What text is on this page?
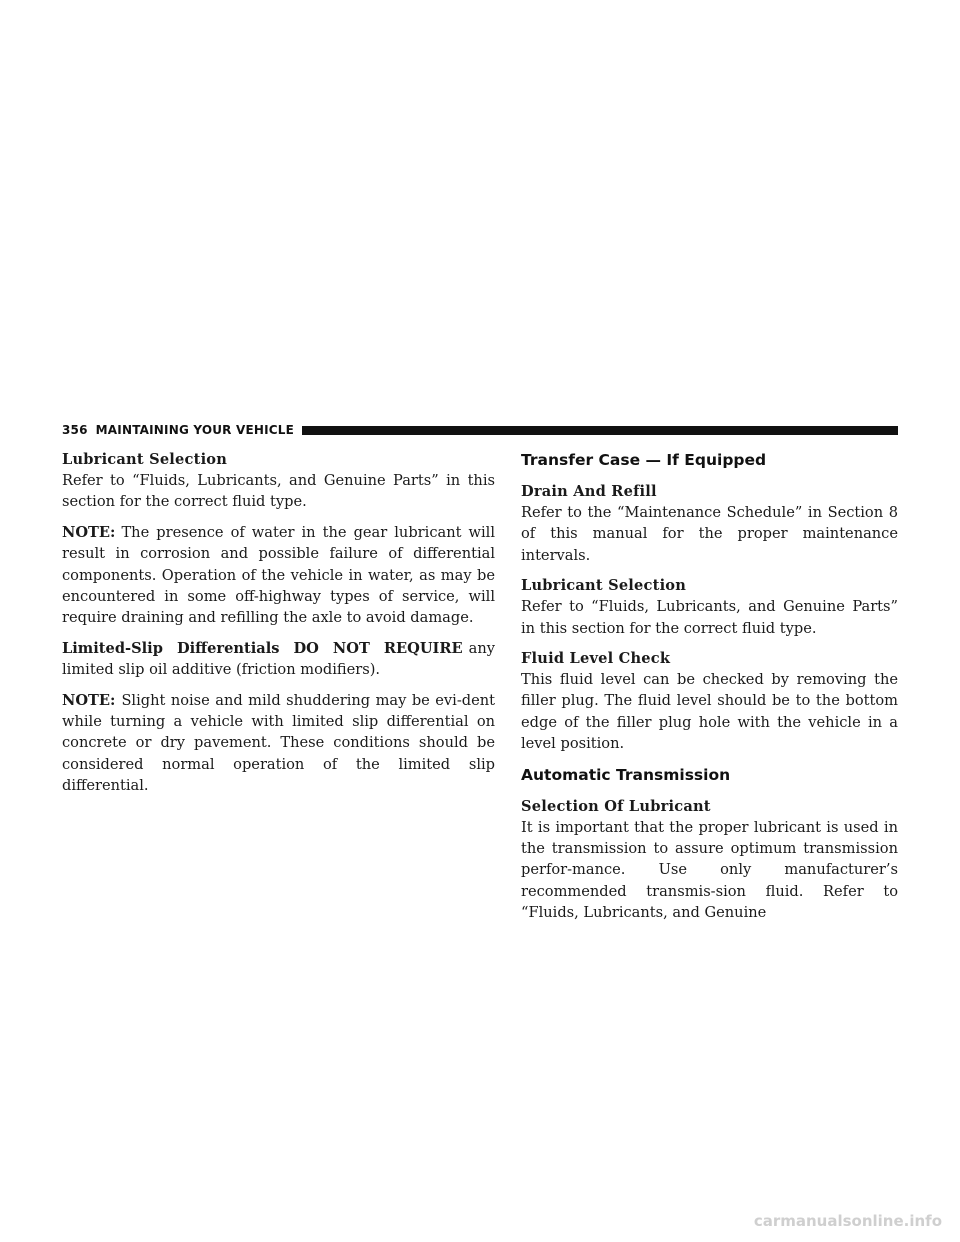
356 MAINTAINING YOUR VEHICLE

Lubricant Selection

Refer to “Fluids, Lubricants, and Genuine Parts” in this section for the correct fluid type.

NOTE: The presence of water in the gear lubricant will result in corrosion and possible failure of differential components. Operation of the vehicle in water, as may be encountered in some off-highway types of service, will require draining and refilling the axle to avoid damage.

Limited-Slip Differentials DO NOT REQUIRE any limited slip oil additive (friction modifiers).

NOTE: Slight noise and mild shuddering may be evi-dent while turning a vehicle with limited slip differential on concrete or dry pavement. These conditions should be considered normal operation of the limited slip differential.

Transfer Case — If Equipped

Drain And Refill

Refer to the “Maintenance Schedule” in Section 8 of this manual for the proper maintenance intervals.

Lubricant Selection

Refer to “Fluids, Lubricants, and Genuine Parts” in this section for the correct fluid type.

Fluid Level Check

This fluid level can be checked by removing the filler plug. The fluid level should be to the bottom edge of the filler plug hole with the vehicle in a level position.

Automatic Transmission

Selection Of Lubricant

It is important that the proper lubricant is used in the transmission to assure optimum transmission perfor-mance. Use only manufacturer’s recommended transmis-sion fluid. Refer to “Fluids, Lubricants, and Genuine

carmanualsonline.info
